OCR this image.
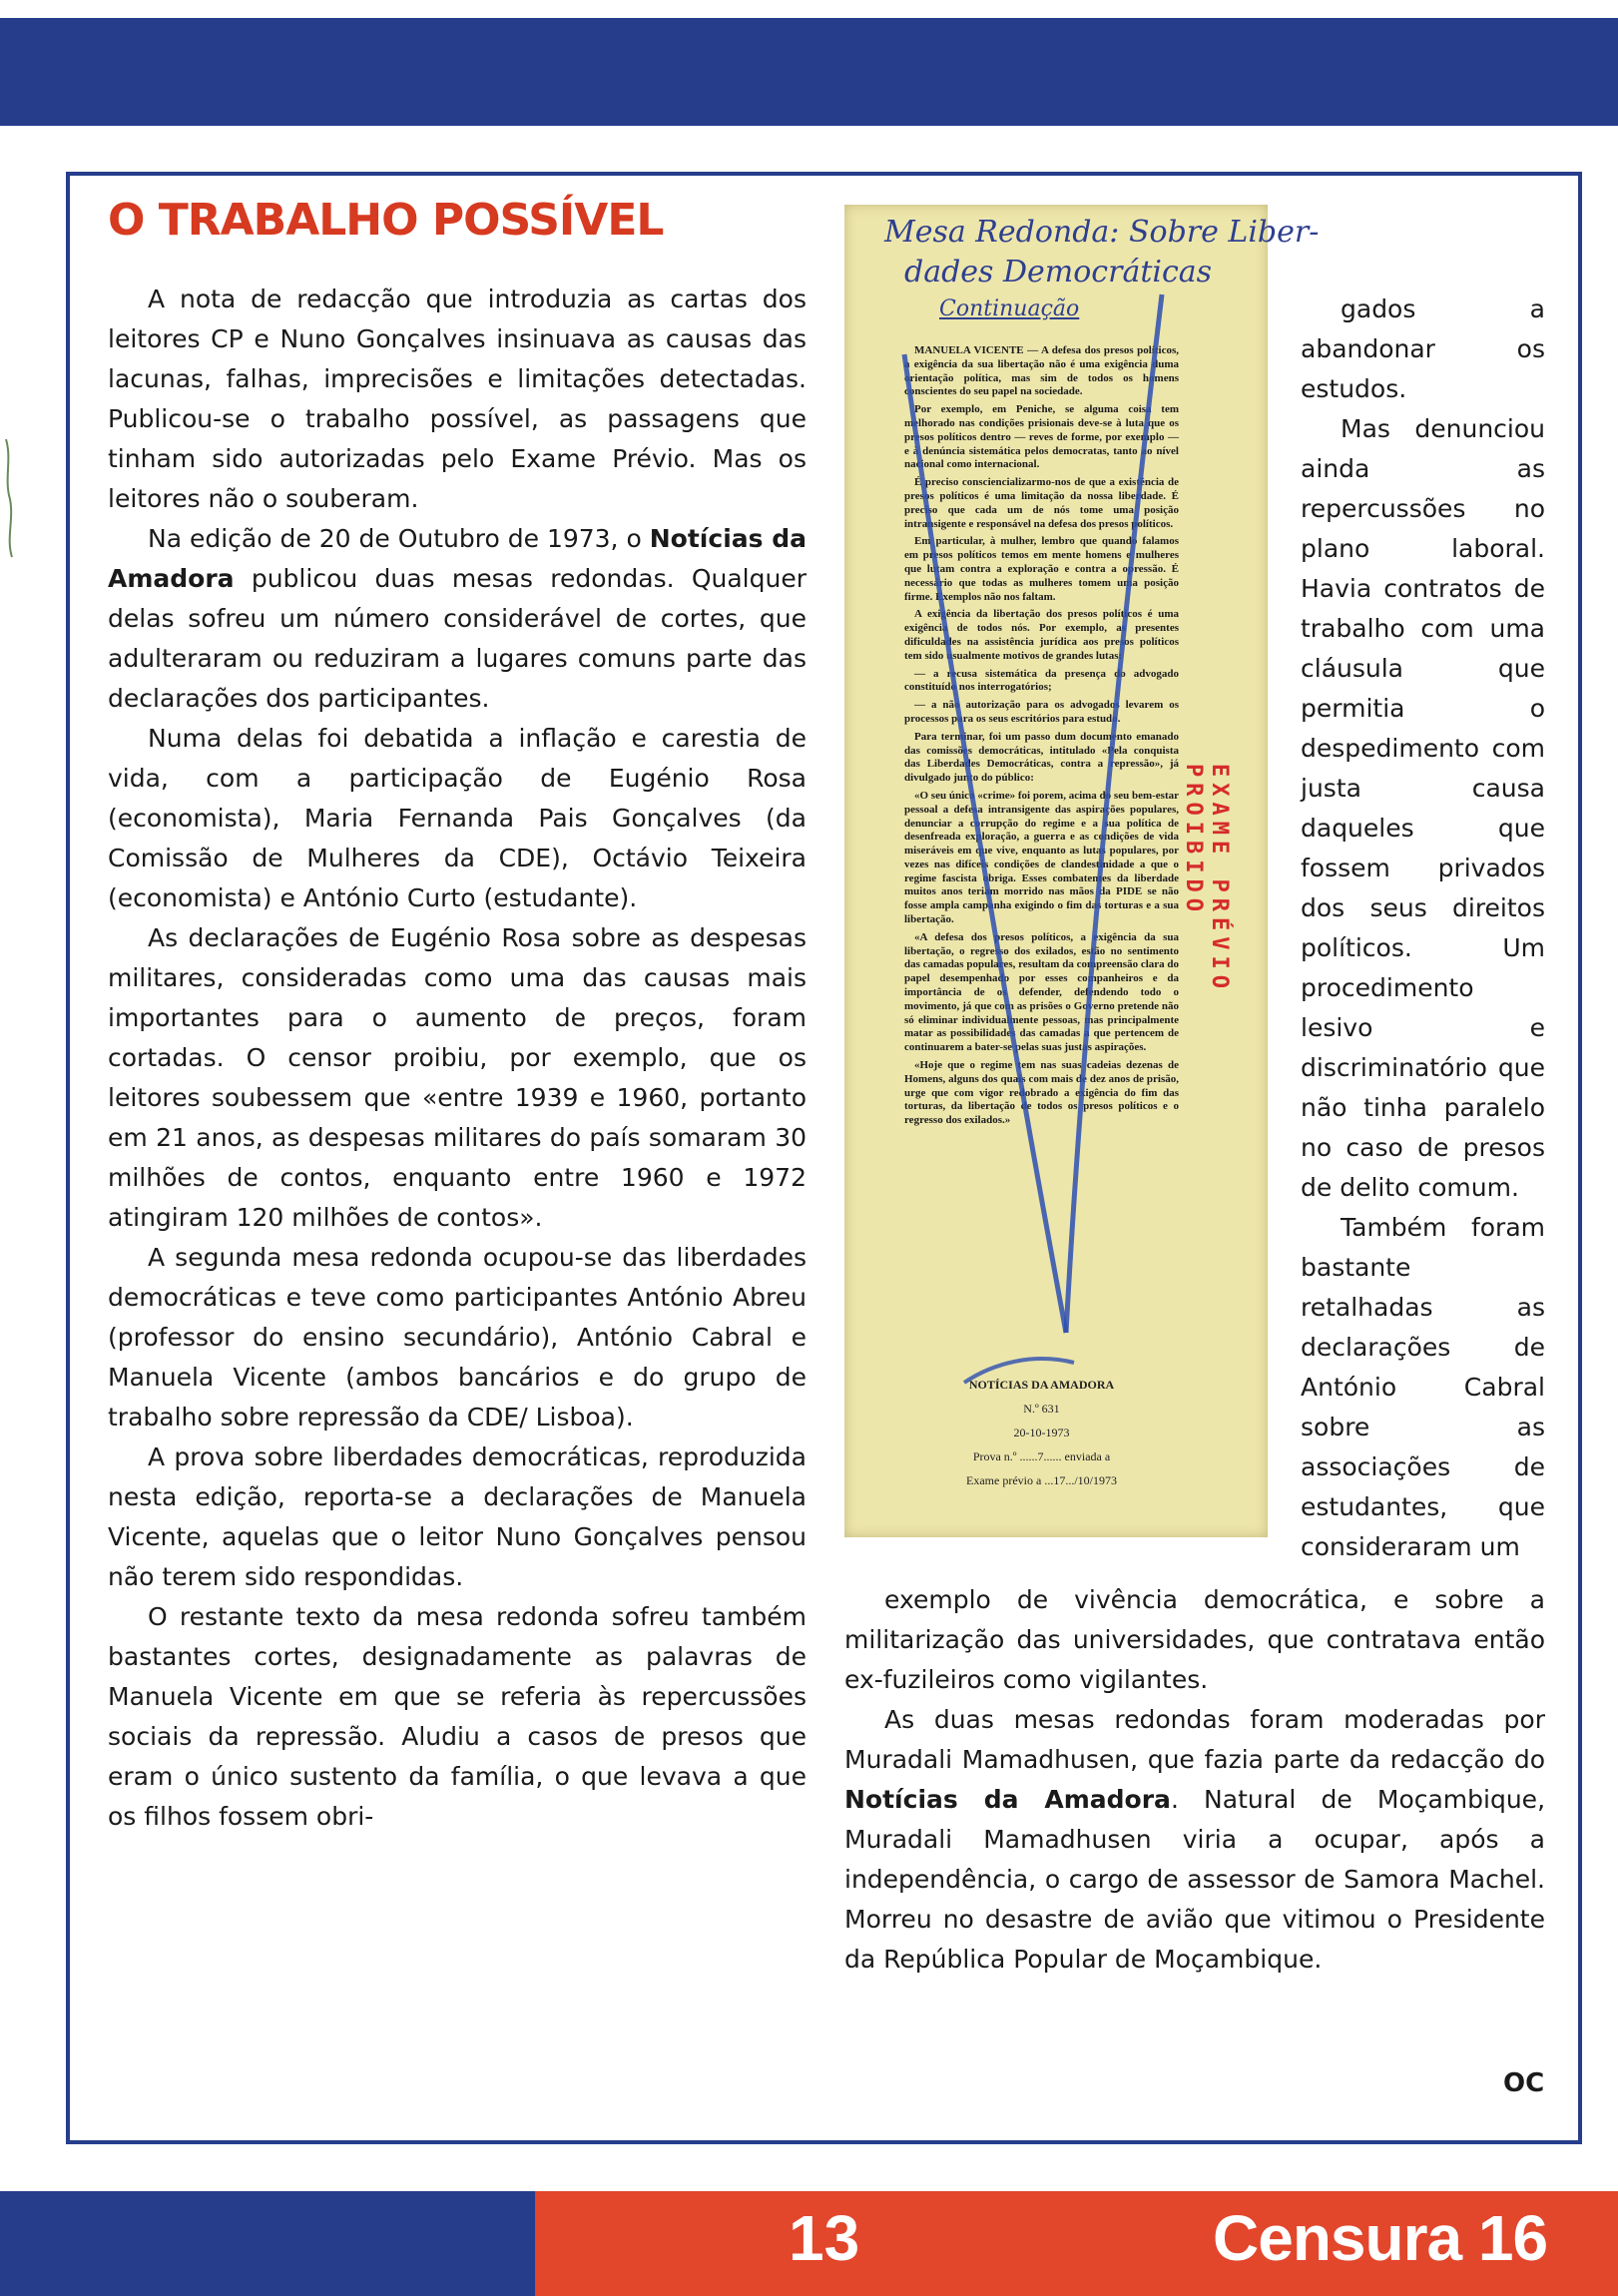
O TRABALHO POSSÍVEL

A nota de redacção que introduzia as cartas dos leitores CP e Nuno Gonçalves insinuava as causas das lacunas, falhas, imprecisões e limitações detectadas. Publicou-se o trabalho possível, as passagens que tinham sido autorizadas pelo Exame Prévio. Mas os leitores não o souberam.

Na edição de 20 de Outubro de 1973, o Notícias da Amadora publicou duas mesas redondas. Qualquer delas sofreu um número considerável de cortes, que adulteraram ou reduziram a lugares comuns parte das declarações dos participantes.

Numa delas foi debatida a inflação e carestia de vida, com a participação de Eugénio Rosa (economista), Maria Fernanda Pais Gonçalves (da Comissão de Mulheres da CDE), Octávio Teixeira (economista) e António Curto (estudante).

As declarações de Eugénio Rosa sobre as despesas militares, consideradas como uma das causas mais importantes para o aumento de preços, foram cortadas. O censor proibiu, por exemplo, que os leitores soubessem que «entre 1939 e 1960, portanto em 21 anos, as despesas militares do país somaram 30 milhões de contos, enquanto entre 1960 e 1972 atingiram 120 milhões de contos».

A segunda mesa redonda ocupou-se das liberdades democráticas e teve como participantes António Abreu (professor do ensino secundário), António Cabral e Manuela Vicente (ambos bancários e do grupo de trabalho sobre repressão da CDE/ Lisboa).

A prova sobre liberdades democráticas, reproduzida nesta edição, reporta-se a declarações de Manuela Vicente, aquelas que o leitor Nuno Gonçalves pensou não terem sido respondidas.

O restante texto da mesa redonda sofreu também bastantes cortes, designadamente as palavras de Manuela Vicente em que se referia às repercussões sociais da repressão. Aludiu a casos de presos que eram o único sustento da família, o que levava a que os filhos fossem obri-

Mesa Redonda: Sobre Liber-
dades Democráticas
Continuação

MANUELA VICENTE — A defesa dos presos políticos, a exigência da sua libertação não é uma exigência duma orientação política, mas sim de todos os homens conscientes do seu papel na sociedade.

Por exemplo, em Peniche, se alguma coisa tem melhorado nas condições prisionais deve-se à luta que os presos políticos dentro — reves de forme, por exemplo — e à denúncia sistemática pelos democratas, tanto ao nível nacional como internacional.

É preciso consciencializarmo-nos de que a existência de presos políticos é uma limitação da nossa liberdade. É preciso que cada um de nós tome uma posição intransigente e responsável na defesa dos presos políticos.

Em particular, à mulher, lembro que quando falamos em presos políticos temos em mente homens e mulheres que lutam contra a exploração e contra a opressão. É necessário que todas as mulheres tomem uma posição firme. Exemplos não nos faltam.

A exigência da libertação dos presos políticos é uma exigência de todos nós. Por exemplo, as presentes dificuldades na assistência jurídica aos presos políticos tem sido usualmente motivos de grandes lutas:

— a recusa sistemática da presença do advogado constituído nos interrogatórios;

— a não autorização para os advogados levarem os processos para os seus escritórios para estudo.

Para terminar, foi um passo dum documento emanado das comissões democráticas, intitulado «Pela conquista das Liberdades Democráticas, contra a repressão», já divulgado junto do público:

«O seu único «crime» foi porem, acima do seu bem-estar pessoal a defesa intransigente das aspirações populares, denunciar a corrupção do regime e a sua política de desenfreada exploração, a guerra e as condições de vida miseráveis em que vive, enquanto as lutas populares, por vezes nas difíceis condições de clandestinidade a que o regime fascista obriga. Esses combatentes da liberdade muitos anos teriam morrido nas mãos da PIDE se não fosse ampla campanha exigindo o fim das torturas e a sua libertação.

«A defesa dos presos políticos, a exigência da sua libertação, o regresso dos exilados, estão no sentimento das camadas populares, resultam da compreensão clara do papel desempenhado por esses companheiros e da importância de os defender, defendendo todo o movimento, já que com as prisões o Governo pretende não só eliminar individualmente pessoas, mas principalmente matar as possibilidades das camadas a que pertencem de continuarem a bater-se pelas suas justas aspirações.

«Hoje que o regime tem nas suas cadeias dezenas de Homens, alguns dos quais com mais de dez anos de prisão, urge que com vigor redobrado a exigência do fim das torturas, da libertação de todos os presos políticos e o regresso dos exilados.»

EXAME PRÉVIO
PROIBIDO
NOTÍCIAS DA AMADORA
N.º 631
20-10-1973
Prova n.º ......7...... enviada a
Exame prévio a ...17.../10/1973

gados a abandonar os estudos.

Mas denunciou ainda as repercussões no plano laboral. Havia contratos de trabalho com uma cláusula que permitia o despedimento com justa causa daqueles que fossem privados dos seus direitos políticos. Um procedimento lesivo e discriminatório que não tinha paralelo no caso de presos de delito comum.

Também foram bastante retalhadas as declarações de António Cabral sobre as associações de estudantes, que consideraram um

exemplo de vivência democrática, e sobre a militarização das universidades, que contratava então ex-fuzileiros como vigilantes.

As duas mesas redondas foram moderadas por Muradali Mamadhusen, que fazia parte da redacção do Notícias da Amadora. Natural de Moçambique, Muradali Mamadhusen viria a ocupar, após a independência, o cargo de assessor de Samora Machel. Morreu no desastre de avião que vitimou o Presidente da República Popular de Moçambique.

OC
13	Censura 16
